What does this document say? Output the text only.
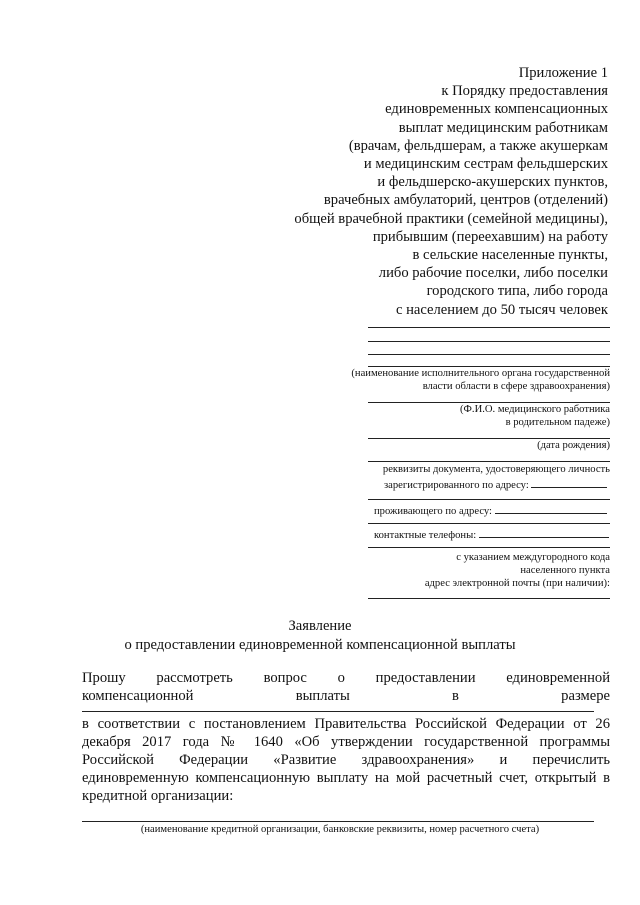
Приложение 1
к Порядку предоставления
единовременных компенсационных
выплат медицинским работникам
(врачам, фельдшерам, а также акушеркам
и медицинским сестрам фельдшерских
и фельдшерско-акушерских пунктов,
врачебных амбулаторий, центров (отделений)
общей врачебной практики (семейной медицины),
прибывшим (переехавшим) на работу
в сельские населенные пункты,
либо рабочие поселки, либо поселки
городского типа, либо города
с населением до 50 тысяч человек
(наименование исполнительного органа государственной
власти области в сфере здравоохранения)
(Ф.И.О. медицинского работника
в родительном падеже)
(дата рождения)
реквизиты документа, удостоверяющего личность
зарегистрированного по адресу:
проживающего по адресу:
контактные телефоны:
с указанием междугородного кода
населенного пункта
адрес электронной почты (при наличии):
Заявление
о предоставлении единовременной компенсационной выплаты
Прошу рассмотреть вопрос о предоставлении единовременной
компенсационной выплаты в размере
в соответствии с постановлением Правительства Российской Федерации от 26 декабря 2017 года № 1640 «Об утверждении государственной программы Российской Федерации «Развитие здравоохранения» и перечислить единовременную компенсационную выплату на мой расчетный счет, открытый в кредитной организации:
(наименование кредитной организации, банковские реквизиты, номер расчетного счета)
